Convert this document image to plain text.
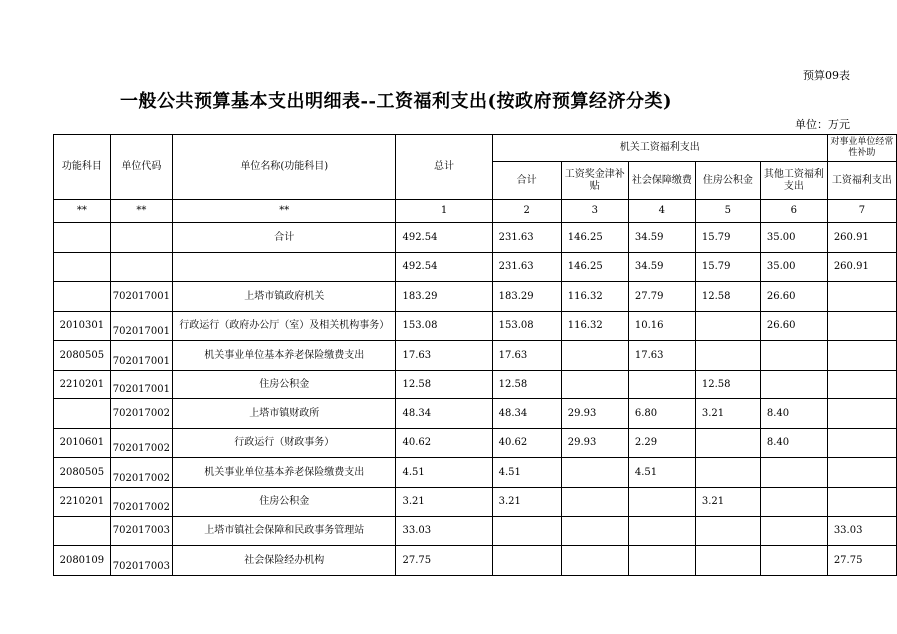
预算09表
一般公共预算基本支出明细表--工资福利支出(按政府预算经济分类)
单位：万元
功能科目	单位代码	单位名称(功能科目)	总计	机关工资福利支出					对事业单位经常性补助
				合计	工资奖金津补贴	社会保障缴费	住房公积金	其他工资福利支出	工资福利支出
**	**	**	1	2	3	4	5	6	7
		合计	492.54	231.63	146.25	34.59	15.79	35.00	260.91
			492.54	231.63	146.25	34.59	15.79	35.00	260.91
	702017001	上塔市镇政府机关	183.29	183.29	116.32	27.79	12.58	26.60	
2010301	702017001	行政运行（政府办公厅（室）及相关机构事务）	153.08	153.08	116.32	10.16		26.60	
2080505	702017001	机关事业单位基本养老保险缴费支出	17.63	17.63		17.63			
2210201	702017001	住房公积金	12.58	12.58			12.58		
	702017002	上塔市镇财政所	48.34	48.34	29.93	6.80	3.21	8.40	
2010601	702017002	行政运行（财政事务）	40.62	40.62	29.93	2.29		8.40	
2080505	702017002	机关事业单位基本养老保险缴费支出	4.51	4.51		4.51			
2210201	702017002	住房公积金	3.21	3.21			3.21		
	702017003	上塔市镇社会保障和民政事务管理站	33.03						33.03
2080109	702017003	社会保险经办机构	27.75						27.75
